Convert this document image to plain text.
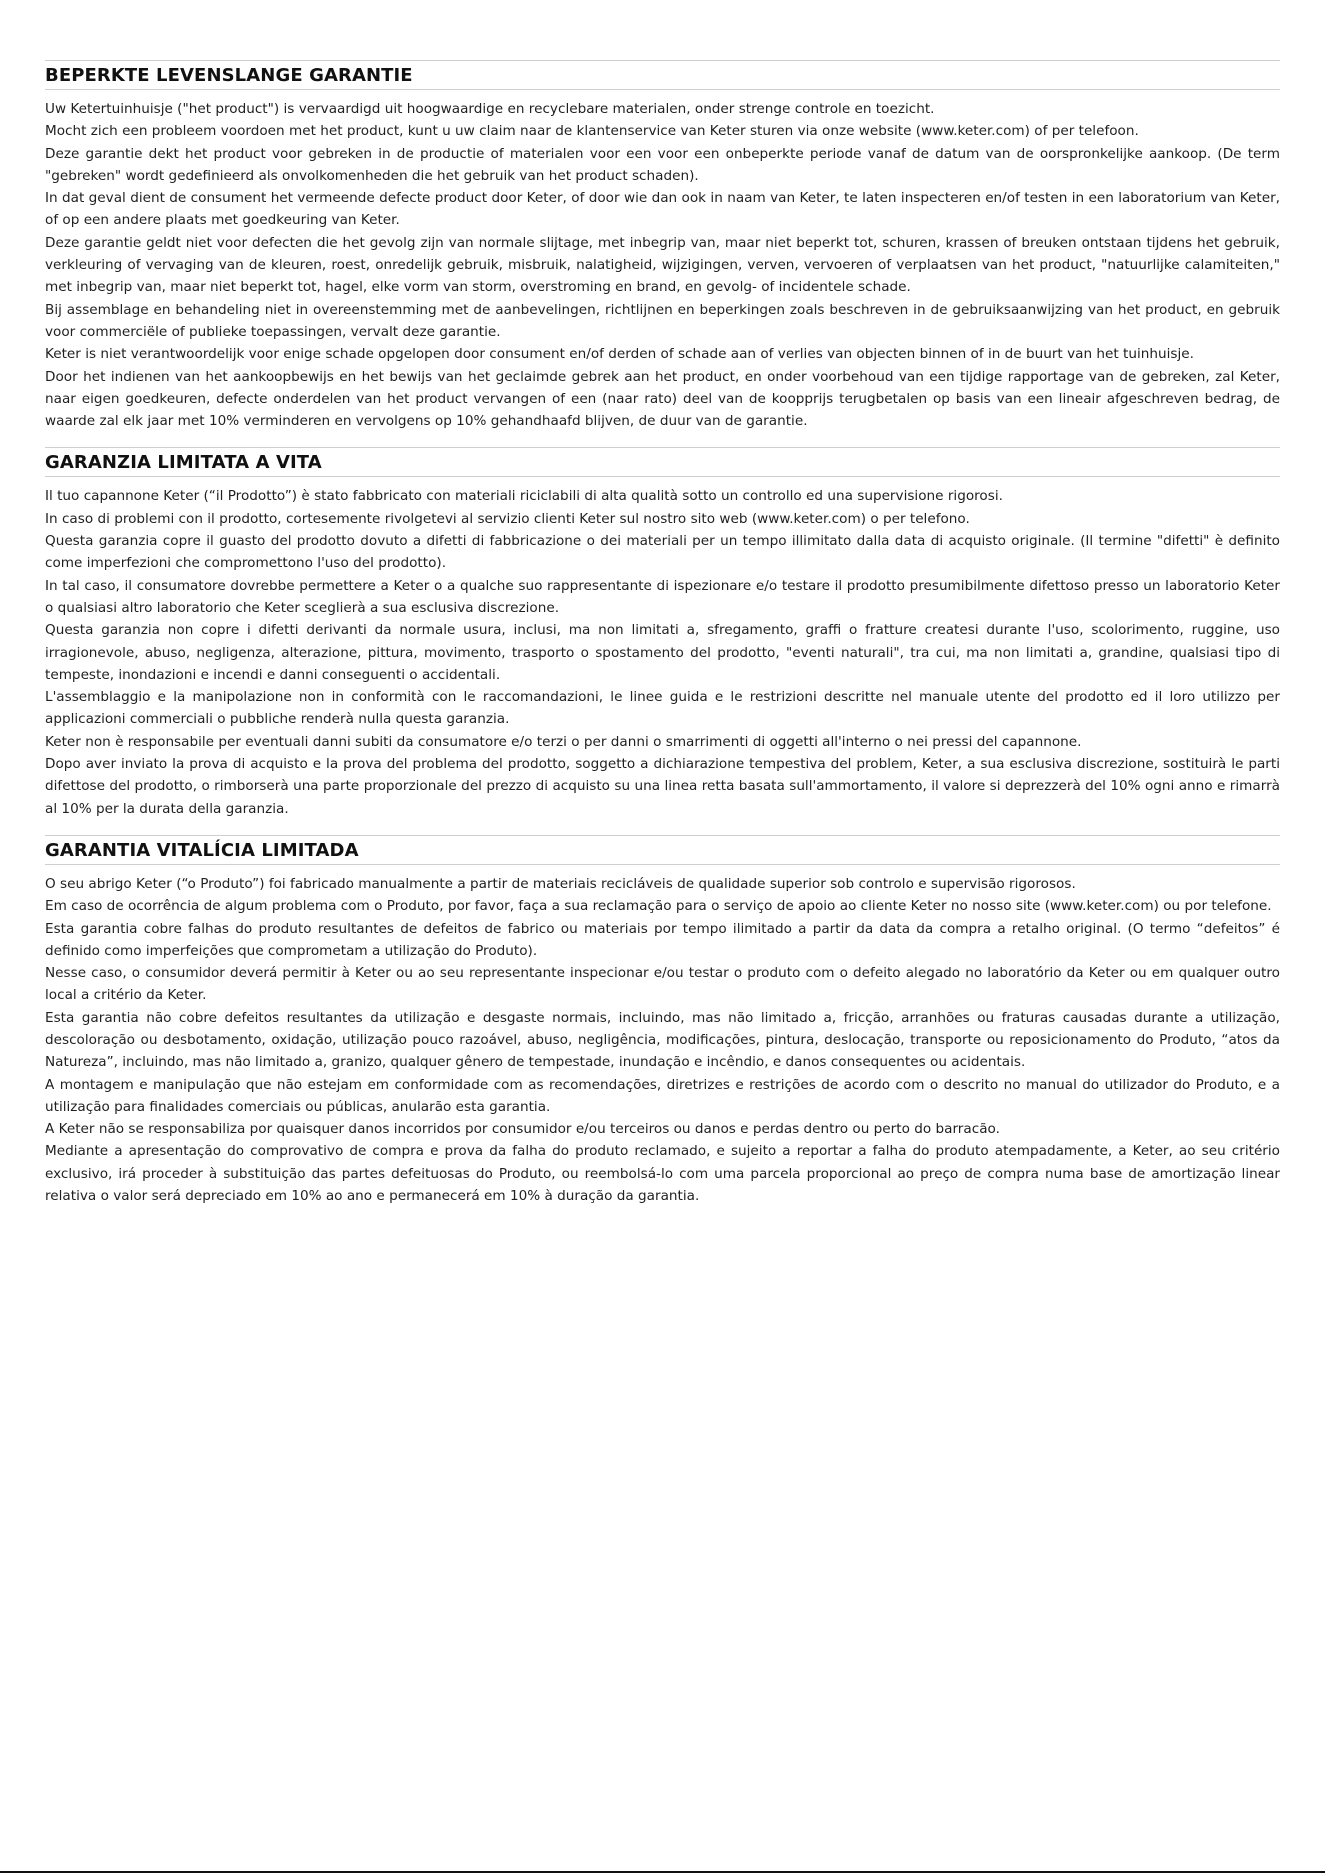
BEPERKTE LEVENSLANGE GARANTIE

Uw Ketertuinhuisje ("het product") is vervaardigd uit hoogwaardige en recyclebare materialen, onder strenge controle en toezicht.

Mocht zich een probleem voordoen met het product, kunt u uw claim naar de klantenservice van Keter sturen via onze website (www.keter.com) of per telefoon.

Deze garantie dekt het product voor gebreken in de productie of materialen voor een voor een onbeperkte periode vanaf de datum van de oorspronkelijke aankoop. (De term "gebreken" wordt gedefinieerd als onvolkomenheden die het gebruik van het product schaden).

In dat geval dient de consument het vermeende defecte product door Keter, of door wie dan ook in naam van Keter, te laten inspecteren en/of testen in een laboratorium van Keter, of op een andere plaats met goedkeuring van Keter.

Deze garantie geldt niet voor defecten die het gevolg zijn van normale slijtage, met inbegrip van, maar niet beperkt tot, schuren, krassen of breuken ontstaan tijdens het gebruik, verkleuring of vervaging van de kleuren, roest, onredelijk gebruik, misbruik, nalatigheid, wijzigingen, verven, vervoeren of verplaatsen van het product, "natuurlijke calamiteiten," met inbegrip van, maar niet beperkt tot, hagel, elke vorm van storm, overstroming en brand, en gevolg- of incidentele schade.

Bij assemblage en behandeling niet in overeenstemming met de aanbevelingen, richtlijnen en beperkingen zoals beschreven in de gebruiksaanwijzing van het product, en gebruik voor commerciële of publieke toepassingen, vervalt deze garantie.

Keter is niet verantwoordelijk voor enige schade opgelopen door consument en/of derden of schade aan of verlies van objecten binnen of in de buurt van het tuinhuisje.

Door het indienen van het aankoopbewijs en het bewijs van het geclaimde gebrek aan het product, en onder voorbehoud van een tijdige rapportage van de gebreken, zal Keter, naar eigen goedkeuren, defecte onderdelen van het product vervangen of een (naar rato) deel van de koopprijs terugbetalen op basis van een lineair afgeschreven bedrag, de waarde zal elk jaar met 10% verminderen en vervolgens op 10% gehandhaafd blijven, de duur van de garantie.

GARANZIA LIMITATA A VITA

Il tuo capannone Keter (“il Prodotto”) è stato fabbricato con materiali riciclabili di alta qualità sotto un controllo ed una supervisione rigorosi.

In caso di problemi con il prodotto, cortesemente rivolgetevi al servizio clienti Keter sul nostro sito web (www.keter.com) o per telefono.

Questa garanzia copre il guasto del prodotto dovuto a difetti di fabbricazione o dei materiali per un tempo illimitato dalla data di acquisto originale. (Il termine "difetti" è definito come imperfezioni che compromettono l'uso del prodotto).

In tal caso, il consumatore dovrebbe permettere a Keter o a qualche suo rappresentante di ispezionare e/o testare il prodotto presumibilmente difettoso presso un laboratorio Keter o qualsiasi altro laboratorio che Keter sceglierà a sua esclusiva discrezione.

Questa garanzia non copre i difetti derivanti da normale usura, inclusi, ma non limitati a, sfregamento, graffi o fratture createsi durante l'uso, scolorimento, ruggine, uso irragionevole, abuso, negligenza, alterazione, pittura, movimento, trasporto o spostamento del prodotto, "eventi naturali", tra cui, ma non limitati a, grandine, qualsiasi tipo di tempeste, inondazioni e incendi e danni conseguenti o accidentali.

L'assemblaggio e la manipolazione non in conformità con le raccomandazioni, le linee guida e le restrizioni descritte nel manuale utente del prodotto ed il loro utilizzo per applicazioni commerciali o pubbliche renderà nulla questa garanzia.

Keter non è responsabile per eventuali danni subiti da consumatore e/o terzi o per danni o smarrimenti di oggetti all'interno o nei pressi del capannone.

Dopo aver inviato la prova di acquisto e la prova del problema del prodotto, soggetto a dichiarazione tempestiva del problem, Keter, a sua esclusiva discrezione, sostituirà le parti difettose del prodotto, o rimborserà una parte proporzionale del prezzo di acquisto su una linea retta basata sull'ammortamento, il valore si deprezzerà del 10% ogni anno e rimarrà al 10% per la durata della garanzia.

GARANTIA VITALÍCIA LIMITADA

O seu abrigo Keter (“o Produto”) foi fabricado manualmente a partir de materiais recicláveis de qualidade superior sob controlo e supervisão rigorosos.

Em caso de ocorrência de algum problema com o Produto, por favor, faça a sua reclamação para o serviço de apoio ao cliente Keter no nosso site (www.keter.com) ou por telefone.

Esta garantia cobre falhas do produto resultantes de defeitos de fabrico ou materiais por tempo ilimitado a partir da data da compra a retalho original. (O termo “defeitos” é definido como imperfeições que comprometam a utilização do Produto).

Nesse caso, o consumidor deverá permitir à Keter ou ao seu representante inspecionar e/ou testar o produto com o defeito alegado no laboratório da Keter ou em qualquer outro local a critério da Keter.

Esta garantia não cobre defeitos resultantes da utilização e desgaste normais, incluindo, mas não limitado a, fricção, arranhões ou fraturas causadas durante a utilização, descoloração ou desbotamento, oxidação, utilização pouco razoável, abuso, negligência, modificações, pintura, deslocação, transporte ou reposicionamento do Produto, “atos da Natureza”, incluindo, mas não limitado a, granizo, qualquer gênero de tempestade, inundação e incêndio, e danos consequentes ou acidentais.

A montagem e manipulação que não estejam em conformidade com as recomendações, diretrizes e restrições de acordo com o descrito no manual do utilizador do Produto, e a utilização para finalidades comerciais ou públicas, anularão esta garantia.

A Keter não se responsabiliza por quaisquer danos incorridos por consumidor e/ou terceiros ou danos e perdas dentro ou perto do barracão.

Mediante a apresentação do comprovativo de compra e prova da falha do produto reclamado, e sujeito a reportar a falha do produto atempadamente, a Keter, ao seu critério exclusivo, irá proceder à substituição das partes defeituosas do Produto, ou reembolsá-lo com uma parcela proporcional ao preço de compra numa base de amortização linear relativa o valor será depreciado em 10% ao ano e permanecerá em 10% à duração da garantia.
